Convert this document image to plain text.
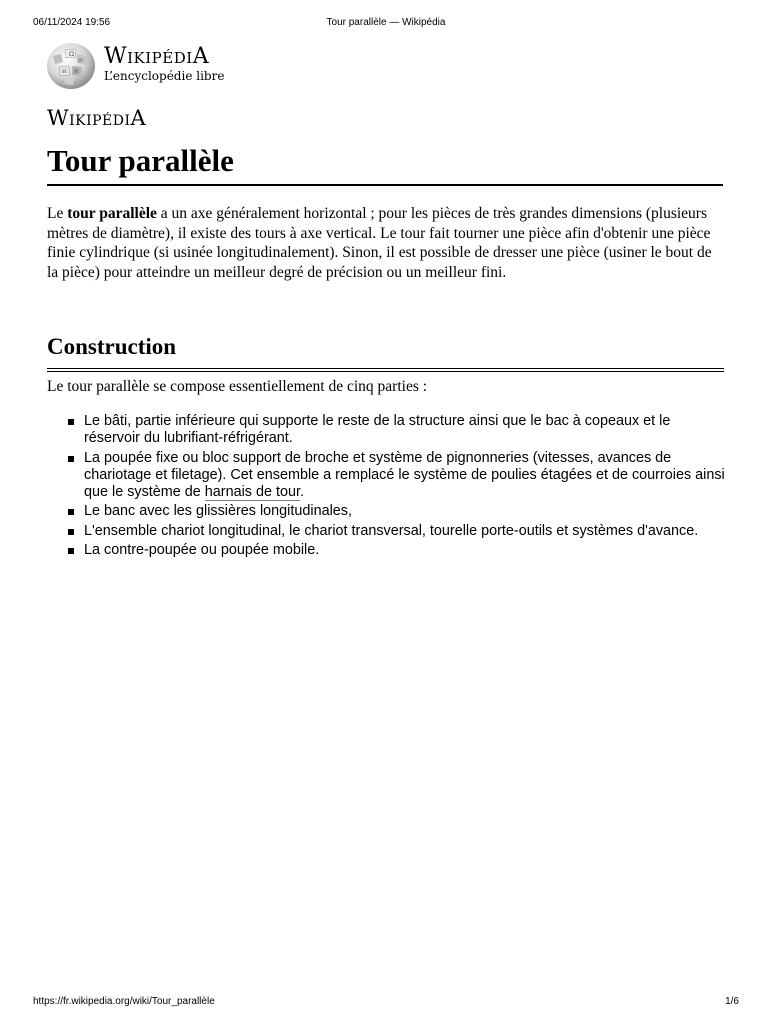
06/11/2024 19:56	Tour parallèle — Wikipédia
Ω
W
И 維
WIKIPÉDIA
L’encyclopédie libre
WIKIPÉDIA
Tour parallèle

Le tour parallèle a un axe généralement horizontal ; pour les pièces de très grandes dimensions (plusieurs mètres de diamètre), il existe des tours à axe vertical. Le tour fait tourner une pièce afin d'obtenir une pièce finie cylindrique (si usinée longitudinalement). Sinon, il est possible de dresser une pièce (usiner le bout de la pièce) pour atteindre un meilleur degré de précision ou un meilleur fini.

Construction

Le tour parallèle se compose essentiellement de cinq parties :

Le bâti, partie inférieure qui supporte le reste de la structure ainsi que le bac à copeaux et le réservoir du lubrifiant-réfrigérant.
La poupée fixe ou bloc support de broche et système de pignonneries (vitesses, avances de chariotage et filetage). Cet ensemble a remplacé le système de poulies étagées et de courroies ainsi que le système de harnais de tour.
Le banc avec les glissières longitudinales,
L'ensemble chariot longitudinal, le chariot transversal, tourelle porte-outils et systèmes d'avance.
La contre-poupée ou poupée mobile.
https://fr.wikipedia.org/wiki/Tour_parallèle	1/6
